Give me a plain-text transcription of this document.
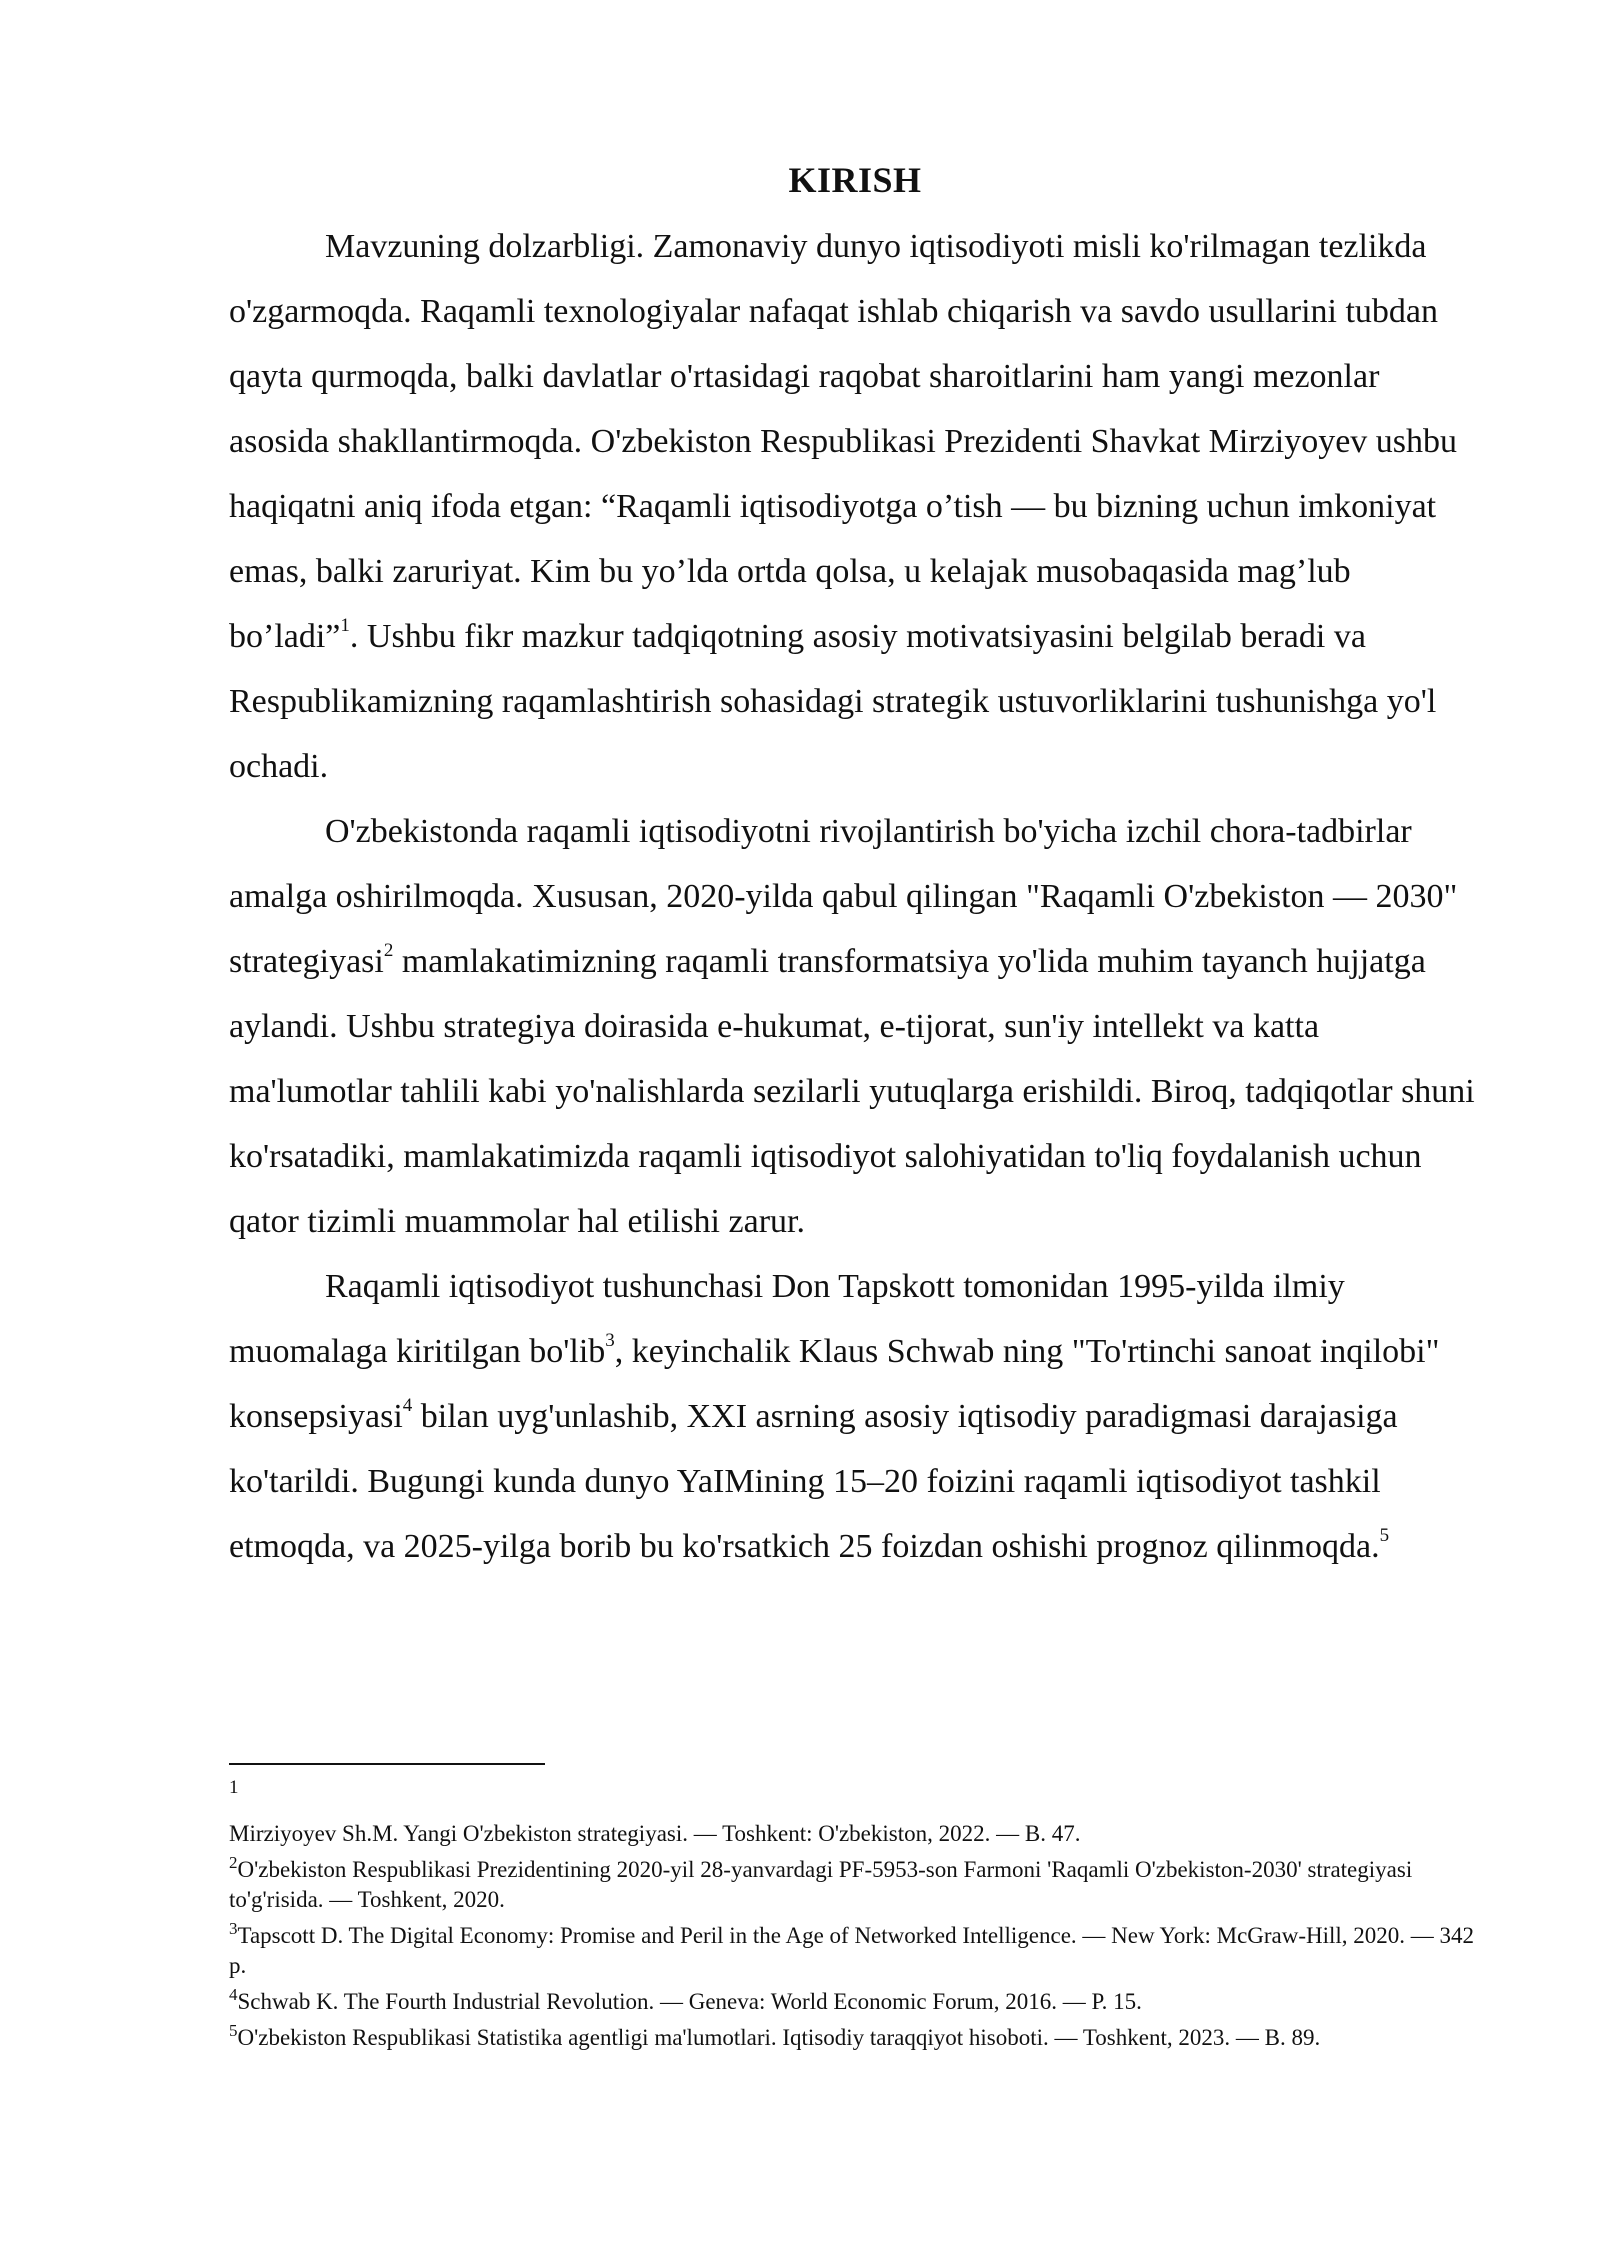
KIRISH

Mavzuning dolzarbligi. Zamonaviy dunyo iqtisodiyoti misli ko'rilmagan tezlikda o'zgarmoqda. Raqamli texnologiyalar nafaqat ishlab chiqarish va savdo usullarini tubdan qayta qurmoqda, balki davlatlar o'rtasidagi raqobat sharoitlarini ham yangi mezonlar asosida shakllantirmoqda. O'zbekiston Respublikasi Prezidenti Shavkat Mirziyoyev ushbu haqiqatni aniq ifoda etgan: “Raqamli iqtisodiyotga o’tish — bu bizning uchun imkoniyat emas, balki zaruriyat. Kim bu yo’lda ortda qolsa, u kelajak musobaqasida mag’lub bo’ladi”$^1$. Ushbu fikr mazkur tadqiqotning asosiy motivatsiyasini belgilab beradi va Respublikamizning raqamlashtirish sohasidagi strategik ustuvorliklarini tushunishga yo'l ochadi.

O'zbekistonda raqamli iqtisodiyotni rivojlantirish bo'yicha izchil chora-tadbirlar amalga oshirilmoqda. Xususan, 2020-yilda qabul qilingan "Raqamli O'zbekiston — 2030" strategiyasi$^2$ mamlakatimizning raqamli transformatsiya yo'lida muhim tayanch hujjatga aylandi. Ushbu strategiya doirasida e-hukumat, e-tijorat, sun'iy intellekt va katta ma'lumotlar tahlili kabi yo'nalishlarda sezilarli yutuqlarga erishildi. Biroq, tadqiqotlar shuni ko'rsatadiki, mamlakatimizda raqamli iqtisodiyot salohiyatidan to'liq foydalanish uchun qator tizimli muammolar hal etilishi zarur.

Raqamli iqtisodiyot tushunchasi Don Tapskott tomonidan 1995-yilda ilmiy muomalaga kiritilgan bo'lib$^3$, keyinchalik Klaus Schwab ning "To'rtinchi sanoat inqilobi" konsepsiyasi$^4$ bilan uyg'unlashib, XXI asrning asosiy iqtisodiy paradigmasi darajasiga ko'tarildi. Bugungi kunda dunyo YaIMining 15–20 foizini raqamli iqtisodiyot tashkil etmoqda, va 2025-yilga borib bu ko'rsatkich 25 foizdan oshishi prognoz qilinmoqda.$^5$

1
Mirziyoyev Sh.M. Yangi O'zbekiston strategiyasi. — Toshkent: O'zbekiston, 2022. — B. 47.
$^2$O'zbekiston Respublikasi Prezidentining 2020-yil 28-yanvardagi PF-5953-son Farmoni 'Raqamli O'zbekiston-2030' strategiyasi to'g'risida. — Toshkent, 2020.
$^3$Tapscott D. The Digital Economy: Promise and Peril in the Age of Networked Intelligence. — New York: McGraw-Hill, 2020. — 342 p.
$^4$Schwab K. The Fourth Industrial Revolution. — Geneva: World Economic Forum, 2016. — P. 15.
$^5$O'zbekiston Respublikasi Statistika agentligi ma'lumotlari. Iqtisodiy taraqqiyot hisoboti. — Toshkent, 2023. — B. 89.
